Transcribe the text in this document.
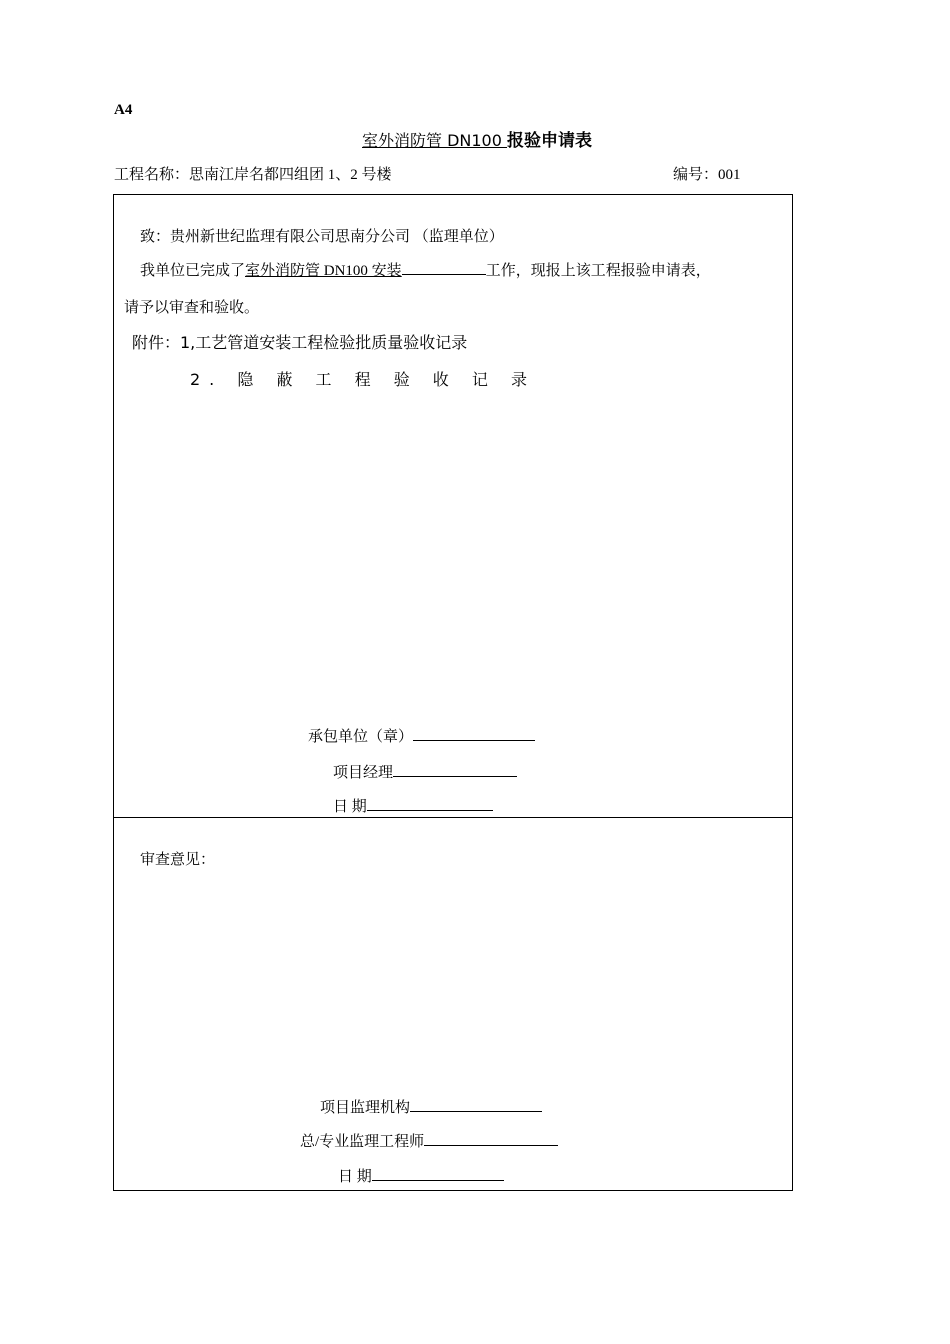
A4
室外消防管 DN100 报验申请表
工程名称：思南江岸名都四组团 1、2 号楼	编号：001
致：贵州新世纪监理有限公司思南分公司 （监理单位）
我单位已完成了室外消防管 DN100 安装	工作，现报上该工程报验申请表，
请予以审查和验收。
附件：1,工艺管道安装工程检验批质量验收记录
2. 隐 蔽 工 程 验 收 记 录
承包单位（章）
项目经理
日 期
审查意见：
项目监理机构
总/专业监理工程师
日 期
